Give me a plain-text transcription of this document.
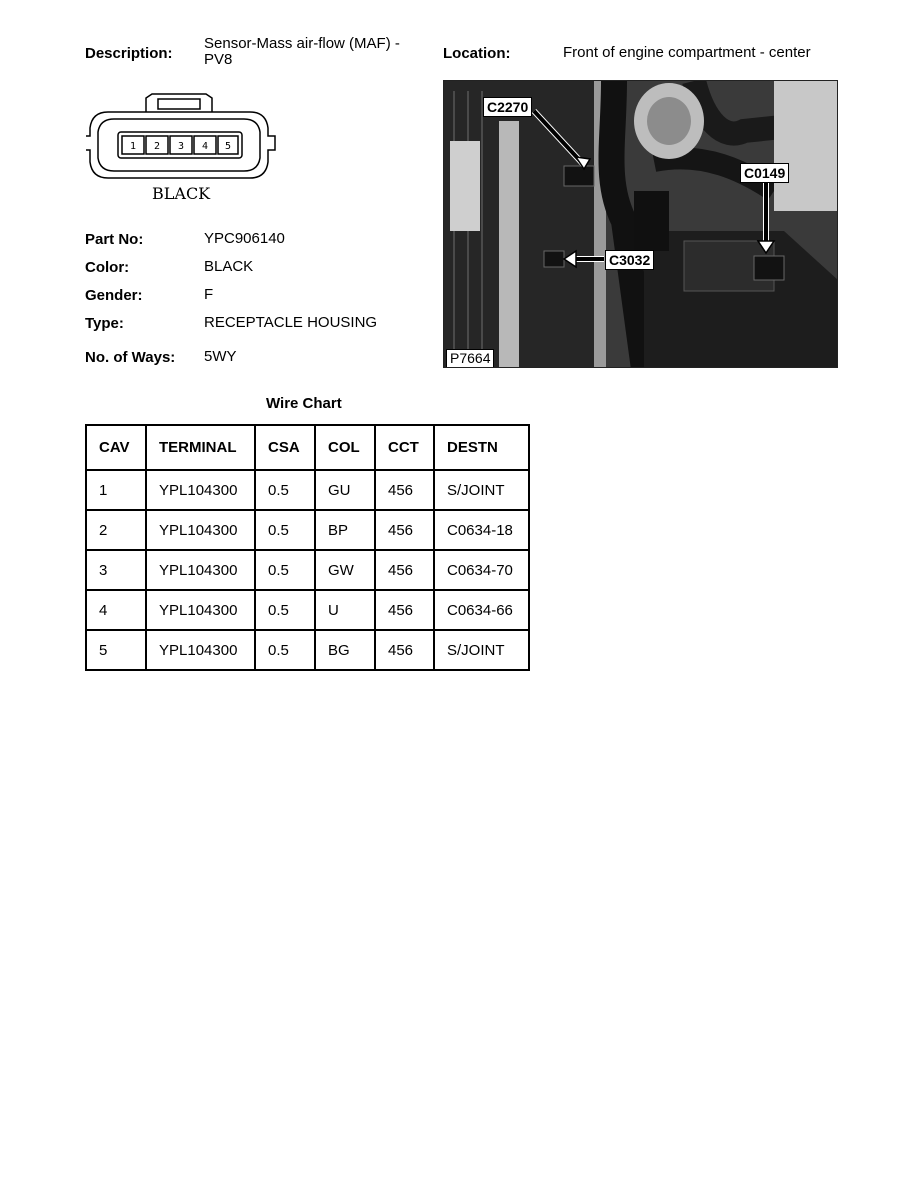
Description:
Sensor-Mass air-flow (MAF) -
PV8	Location:	Front of engine compartment - center
1 2 3 4 5
BLACK
Part No:	YPC906140
Color:	BLACK
Gender:	F
Type:	RECEPTACLE HOUSING
No. of Ways: 5WY
C2270
C0149
C3032
P7664
Wire Chart
CAV	TERMINAL	CSA	COL	CCT	DESTN
1	YPL104300	0.5	GU	456	S/JOINT
2	YPL104300	0.5	BP	456	C0634-18
3	YPL104300	0.5	GW	456	C0634-70
4	YPL104300	0.5	U	456	C0634-66
5	YPL104300	0.5	BG	456	S/JOINT
